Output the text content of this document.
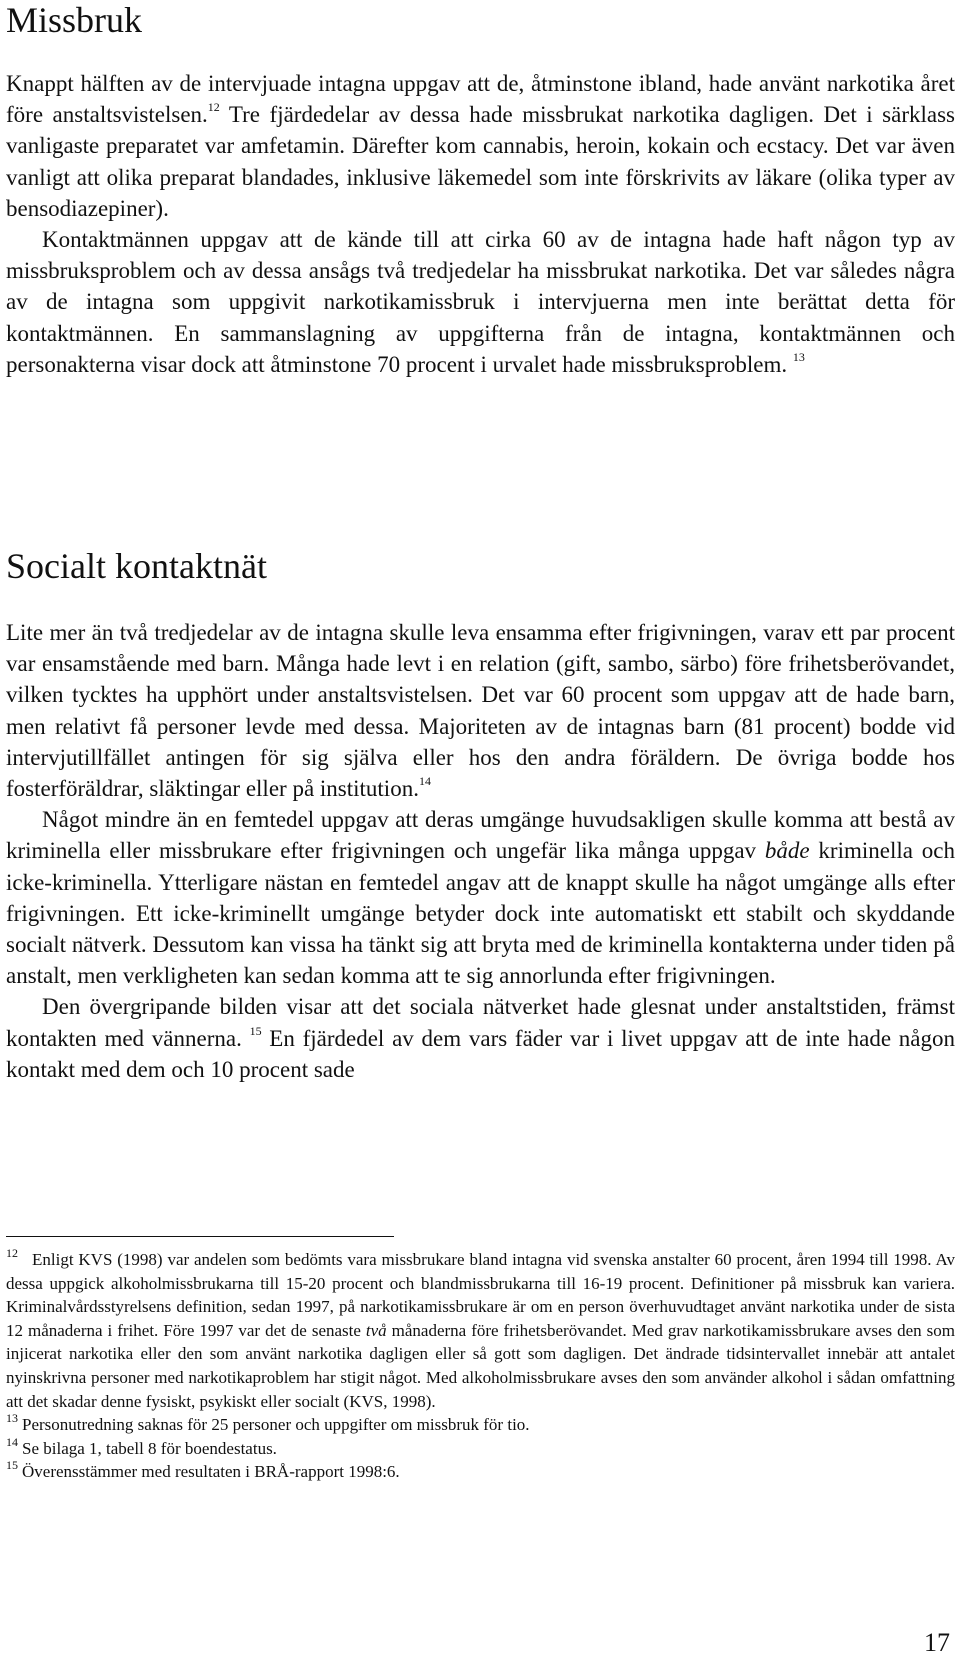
Missbruk

Knappt hälften av de intervjuade intagna uppgav att de, åtminstone ibland, hade använt narkotika året före anstaltsvistelsen.$^{12}$ Tre fjärdedelar av dessa hade missbrukat narkotika dagligen. Det i särklass vanligaste preparatet var amfetamin. Därefter kom cannabis, heroin, kokain och ecstacy. Det var även vanligt att olika preparat blandades, inklusive läkemedel som inte förskrivits av läkare (olika typer av bensodiazepiner).

Kontaktmännen uppgav att de kände till att cirka 60 av de intagna hade haft någon typ av missbruksproblem och av dessa ansågs två tredjedelar ha missbrukat narkotika. Det var således några av de intagna som uppgivit narkotikamissbruk i intervjuerna men inte berättat detta för kontaktmännen. En sammanslagning av uppgifterna från de intagna, kontaktmännen och personakterna visar dock att åtminstone 70 procent i urvalet hade missbruksproblem. $^{13}$

Socialt kontaktnät

Lite mer än två tredjedelar av de intagna skulle leva ensamma efter frigivningen, varav ett par procent var ensamstående med barn. Många hade levt i en relation (gift, sambo, särbo) före frihetsberövandet, vilken tycktes ha upphört under anstaltsvistelsen. Det var 60 procent som uppgav att de hade barn, men relativt få personer levde med dessa. Majoriteten av de intagnas barn (81 procent) bodde vid intervjutillfället antingen för sig själva eller hos den andra föräldern. De övriga bodde hos fosterföräldrar, släktingar eller på institution.$^{14}$

Något mindre än en femtedel uppgav att deras umgänge huvudsakligen skulle komma att bestå av kriminella eller missbrukare efter frigivningen och ungefär lika många uppgav både kriminella och icke-kriminella. Ytterligare nästan en femtedel angav att de knappt skulle ha något umgänge alls efter frigivningen. Ett icke-kriminellt umgänge betyder dock inte automatiskt ett stabilt och skyddande socialt nätverk. Dessutom kan vissa ha tänkt sig att bryta med de kriminella kontakterna under tiden på anstalt, men verkligheten kan sedan komma att te sig annorlunda efter frigivningen.

Den övergripande bilden visar att det sociala nätverket hade glesnat under anstaltstiden, främst kontakten med vännerna. $^{15}$ En fjärdedel av dem vars fäder var i livet uppgav att de inte hade någon kontakt med dem och 10 procent sade

$^{12}$ Enligt KVS (1998) var andelen som bedömts vara missbrukare bland intagna vid svenska anstalter 60 procent, åren 1994 till 1998. Av dessa uppgick alkoholmissbrukarna till 15-20 procent och blandmissbrukarna till 16-19 procent. Definitioner på missbruk kan variera. Kriminalvårdsstyrelsens definition, sedan 1997, på narkotikamissbrukare är om en person överhuvudtaget använt narkotika under de sista 12 månaderna i frihet. Före 1997 var det de senaste två månaderna före frihetsberövandet. Med grav narkotikamissbrukare avses den som injicerat narkotika eller den som använt narkotika dagligen eller så gott som dagligen. Det ändrade tidsintervallet innebär att antalet nyinskrivna personer med narkotikaproblem har stigit något. Med alkoholmissbrukare avses den som använder alkohol i sådan omfattning att det skadar denne fysiskt, psykiskt eller socialt (KVS, 1998).

$^{13}$ Personutredning saknas för 25 personer och uppgifter om missbruk för tio.

$^{14}$ Se bilaga 1, tabell 8 för boendestatus.

$^{15}$ Överensstämmer med resultaten i BRÅ-rapport 1998:6.

17
